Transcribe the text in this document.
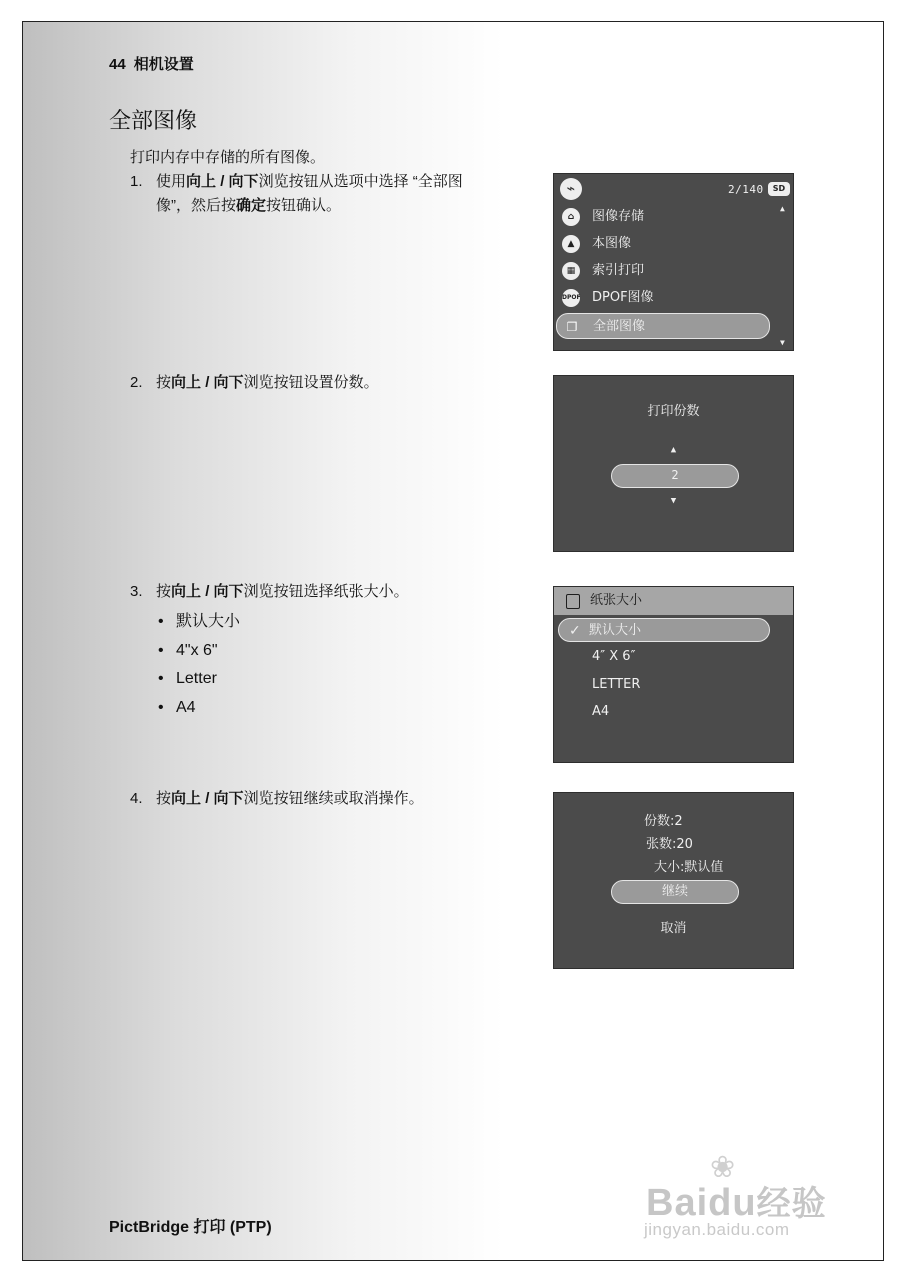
44 相机设置
全部图像
打印内存中存储的所有图像。
1. 使用向上 / 向下浏览按钮从选项中选择 “全部图
像”，然后按确定按钮确认。
2. 按向上 / 向下浏览按钮设置份数。
3. 按向上 / 向下浏览按钮选择纸张大小。
• 默认大小
• 4"x 6"
• Letter
• A4
4. 按向上 / 向下浏览按钮继续或取消操作。
⌁	2/140	SD
▲
⌂	图像存储
▲	本图像
▦	索引打印
DPOF DPOF图像
❐ 全部图像
▼
打印份数
▲
2
▼
纸张大小
✓ 默认大小
4″ X 6″
LETTER
A4
份数:2
张数:20
大小:默认值
继续
取消
PictBridge 打印 (PTP)
❀
Baidu经验
jingyan.baidu.com
